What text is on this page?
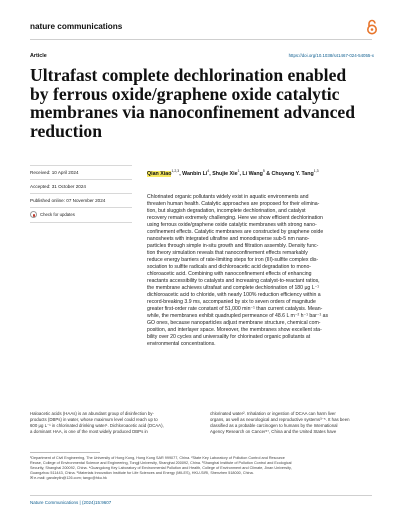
nature communications
Article	https://doi.org/10.1038/s41467-024-54055-x
Ultrafast complete dechlorination enabled
by ferrous oxide/graphene oxide catalytic
membranes via nanoconfinement advanced
reduction
Received: 10 April 2024
Accepted: 31 October 2024
Published online: 07 November 2024
Check for updates
Qian Xiao$^{1,2,3}$, Wanbin Li$^4$, Shujie Xie$^1$, Li Wang$^5$ & Chuyang Y. Tang$^{1,3}$
Chlorinated organic pollutants widely exist in aquatic environments and
threaten human health. Catalytic approaches are proposed for their elimina-
tion, but sluggish degradation, incomplete dechlorination, and catalyst
recovery remain extremely challenging. Here we show efficient dechlorination
using ferrous oxide/graphene oxide catalytic membranes with strong nano-
confinement effects. Catalytic membranes are constructed by graphene oxide
nanosheets with integrated ultrafine and monodisperse sub-5 nm nano-
particles through simple in-situ growth and filtration assembly. Density func-
tion theory simulation reveals that nanoconfinement effects remarkably
reduce energy barriers of rate-limiting steps for iron (III)-sulfite complex dis-
sociation to sulfite radicals and dichloroacetic acid degradation to mono-
chloroacetic acid. Combining with nanoconfinement effects of enhancing
reactants accessibility to catalysts and increasing catalyst-to-reactant ratios,
the membrane achieves ultrafast and complete dechlorination of 180 μg L⁻¹
dichloroacetic acid to chloride, with nearly 100% reduction efficiency within a
record-breaking 3.9 ms, accompanied by six to seven orders of magnitude
greater first-order rate constant of 51,000 min⁻¹ than current catalysis. Mean-
while, the membranes exhibit quadrupled permeance of 48.6 L m⁻² h⁻¹ bar⁻¹ as
GO ones, because nanoparticles adjust membrane structure, chemical com-
position, and interlayer space. Moreover, the membranes show excellent sta-
bility over 20 cycles and universality for chlorinated organic pollutants at
environmental concentrations.
Haloacetic acids (HAAs) is an abundant group of disinfection by-
products (DBPs) in water, whose maximum level could reach up to
600 μg L⁻¹ in chlorinated drinking water¹. Dichloroacetic acid (DCAA),
a dominant HAA, is one of the most widely produced DBPs in
chlorinated water². Inhalation or ingestion of DCAA can harm liver
organs, as well as neurological and reproductive systems³⁻⁵. It has been
classified as a probable carcinogen to humans by the International
Agency Research on Cancer⁶⁷, China and the United States have
¹Department of Civil Engineering, The University of Hong Kong, Hong Kong SAR 999077, China. ²State Key Laboratory of Pollution Control and Resource
Reuse, College of Environmental Science and Engineering, Tongji University, Shanghai 200092, China. ³Shanghai Institute of Pollution Control and Ecological
Security, Shanghai 200092, China. ⁴Guangdong Key Laboratory of Environmental Pollution and Health, College of Environment and Climate, Jinan University,
Guangzhou 511443, China. ⁵Materials Innovation Institute for Life Sciences and Energy (MILES), HKU-SIRI, Shenzhen 518000, China.
✉ e-mail: gandeylin@126.com; tangc@hku.hk
Nature Communications | (2024)15:9607
